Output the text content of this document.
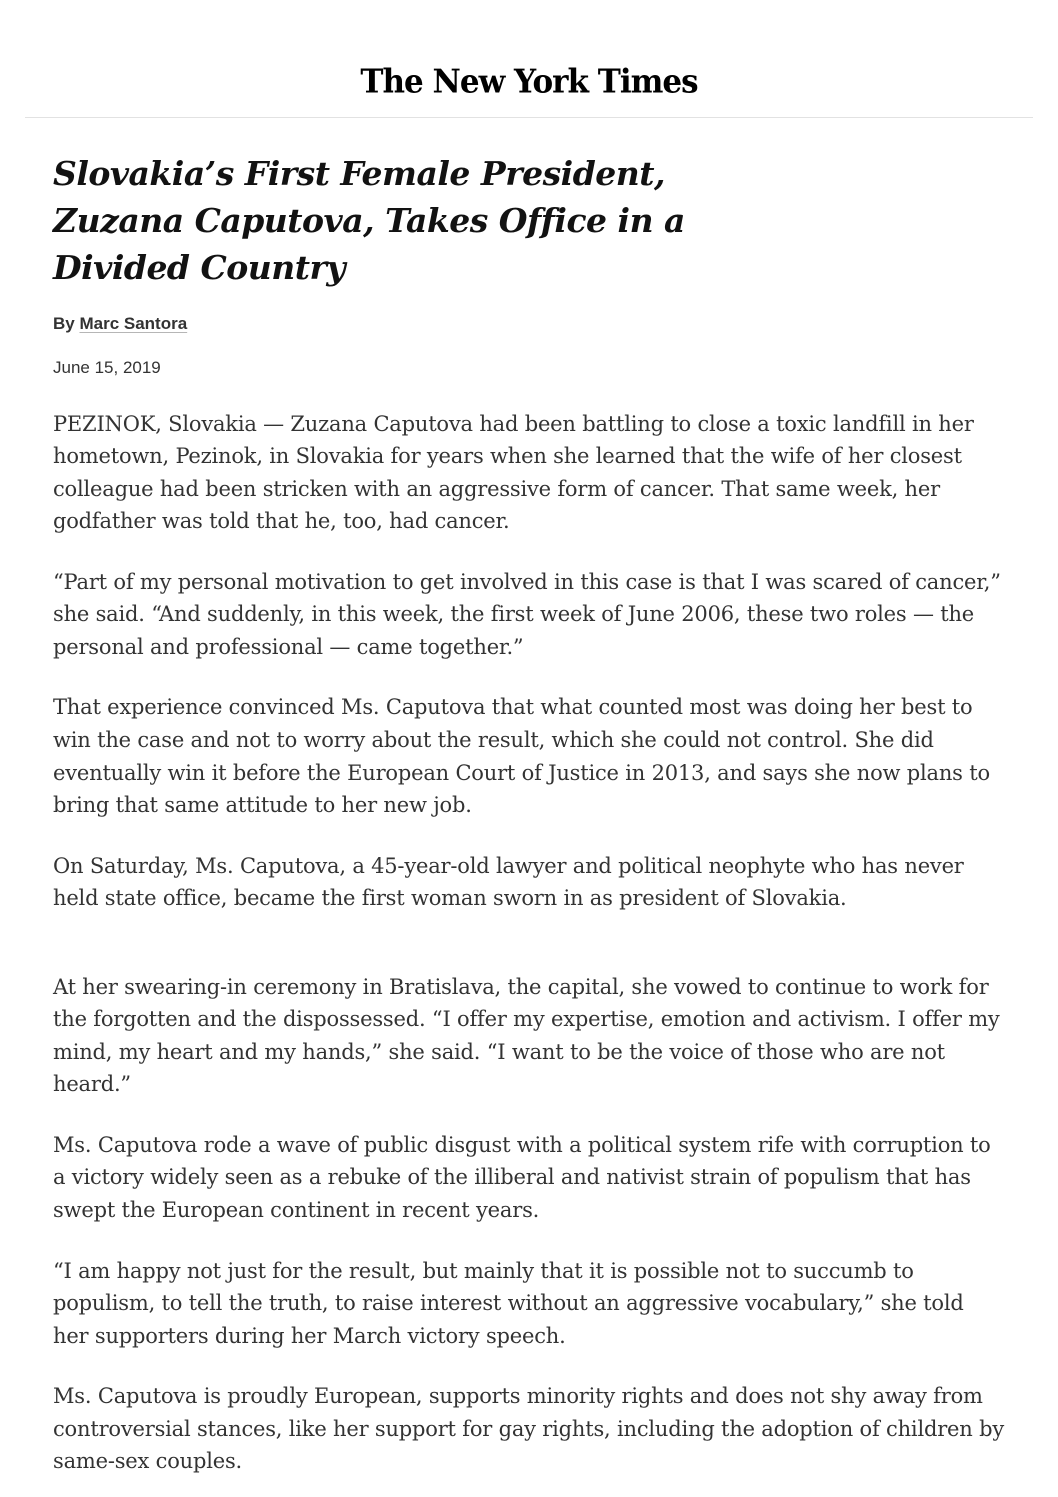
The New York Times
Slovakia’s First Female President, Zuzana Caputova, Takes Office in a Divided Country
By Marc Santora
June 15, 2019

PEZINOK, Slovakia — Zuzana Caputova had been battling to close a toxic landfill in her hometown, Pezinok, in Slovakia for years when she learned that the wife of her closest colleague had been stricken with an aggressive form of cancer. That same week, her godfather was told that he, too, had cancer.

“Part of my personal motivation to get involved in this case is that I was scared of cancer,” she said. “And suddenly, in this week, the first week of June 2006, these two roles — the personal and professional — came together.”

That experience convinced Ms. Caputova that what counted most was doing her best to win the case and not to worry about the result, which she could not control. She did eventually win it before the European Court of Justice in 2013, and says she now plans to bring that same attitude to her new job.

On Saturday, Ms. Caputova, a 45-year-old lawyer and political neophyte who has never held state office, became the first woman sworn in as president of Slovakia.

At her swearing-in ceremony in Bratislava, the capital, she vowed to continue to work for the forgotten and the dispossessed. “I offer my expertise, emotion and activism. I offer my mind, my heart and my hands,” she said. “I want to be the voice of those who are not heard.”

Ms. Caputova rode a wave of public disgust with a political system rife with corruption to a victory widely seen as a rebuke of the illiberal and nativist strain of populism that has swept the European continent in recent years.

“I am happy not just for the result, but mainly that it is possible not to succumb to populism, to tell the truth, to raise interest without an aggressive vocabulary,” she told her supporters during her March victory speech.

Ms. Caputova is proudly European, supports minority rights and does not shy away from controversial stances, like her support for gay rights, including the adoption of children by same-sex couples.
